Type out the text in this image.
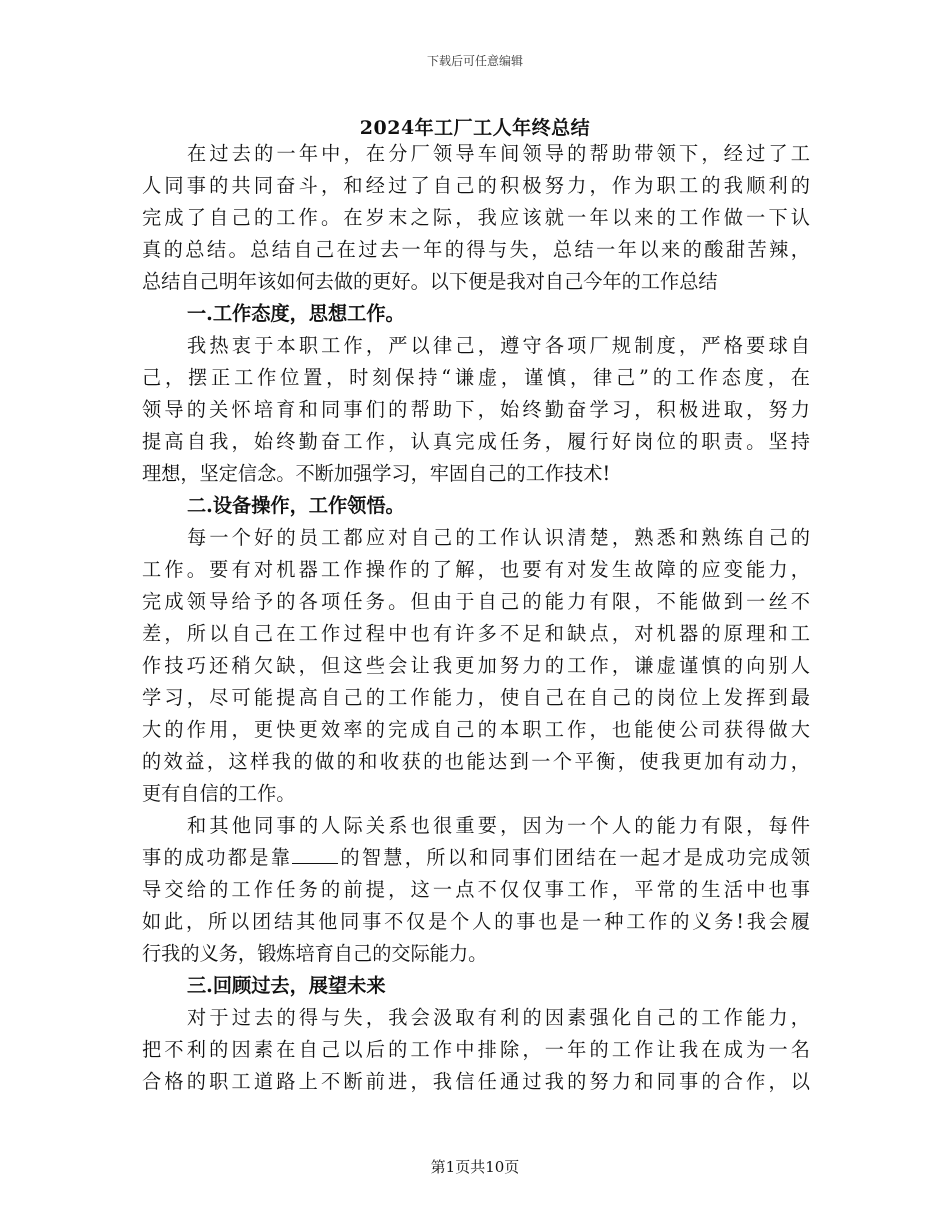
下载后可任意编辑
2024年工厂工人年终总结
在过去的一年中，在分厂领导车间领导的帮助带领下，经过了工
人同事的共同奋斗，和经过了自己的积极努力，作为职工的我顺利的
完成了自己的工作。在岁末之际，我应该就一年以来的工作做一下认
真的总结。总结自己在过去一年的得与失，总结一年以来的酸甜苦辣，
总结自己明年该如何去做的更好。以下便是我对自己今年的工作总结
一.工作态度，思想工作。
我热衷于本职工作，严以律己，遵守各项厂规制度，严格要球自
己，摆正工作位置，时刻保持“谦虚，谨慎，律己”的工作态度，在
领导的关怀培育和同事们的帮助下，始终勤奋学习，积极进取，努力
提高自我，始终勤奋工作，认真完成任务，履行好岗位的职责。坚持
理想，坚定信念。不断加强学习，牢固自己的工作技术!
二.设备操作，工作领悟。
每一个好的员工都应对自己的工作认识清楚，熟悉和熟练自己的
工作。要有对机器工作操作的了解，也要有对发生故障的应变能力，
完成领导给予的各项任务。但由于自己的能力有限，不能做到一丝不
差，所以自己在工作过程中也有许多不足和缺点，对机器的原理和工
作技巧还稍欠缺，但这些会让我更加努力的工作，谦虚谨慎的向别人
学习，尽可能提高自己的工作能力，使自己在自己的岗位上发挥到最
大的作用，更快更效率的完成自己的本职工作，也能使公司获得做大
的效益，这样我的做的和收获的也能达到一个平衡，使我更加有动力，
更有自信的工作。
和其他同事的人际关系也很重要，因为一个人的能力有限，每件
事的成功都是靠 的智慧，所以和同事们团结在一起才是成功完成领
导交给的工作任务的前提，这一点不仅仅事工作，平常的生活中也事
如此，所以团结其他同事不仅是个人的事也是一种工作的义务!我会履
行我的义务，锻炼培育自己的交际能力。
三.回顾过去，展望未来
对于过去的得与失，我会汲取有利的因素强化自己的工作能力，
把不利的因素在自己以后的工作中排除，一年的工作让我在成为一名
合格的职工道路上不断前进，我信任通过我的努力和同事的合作，以
第1页共10页
